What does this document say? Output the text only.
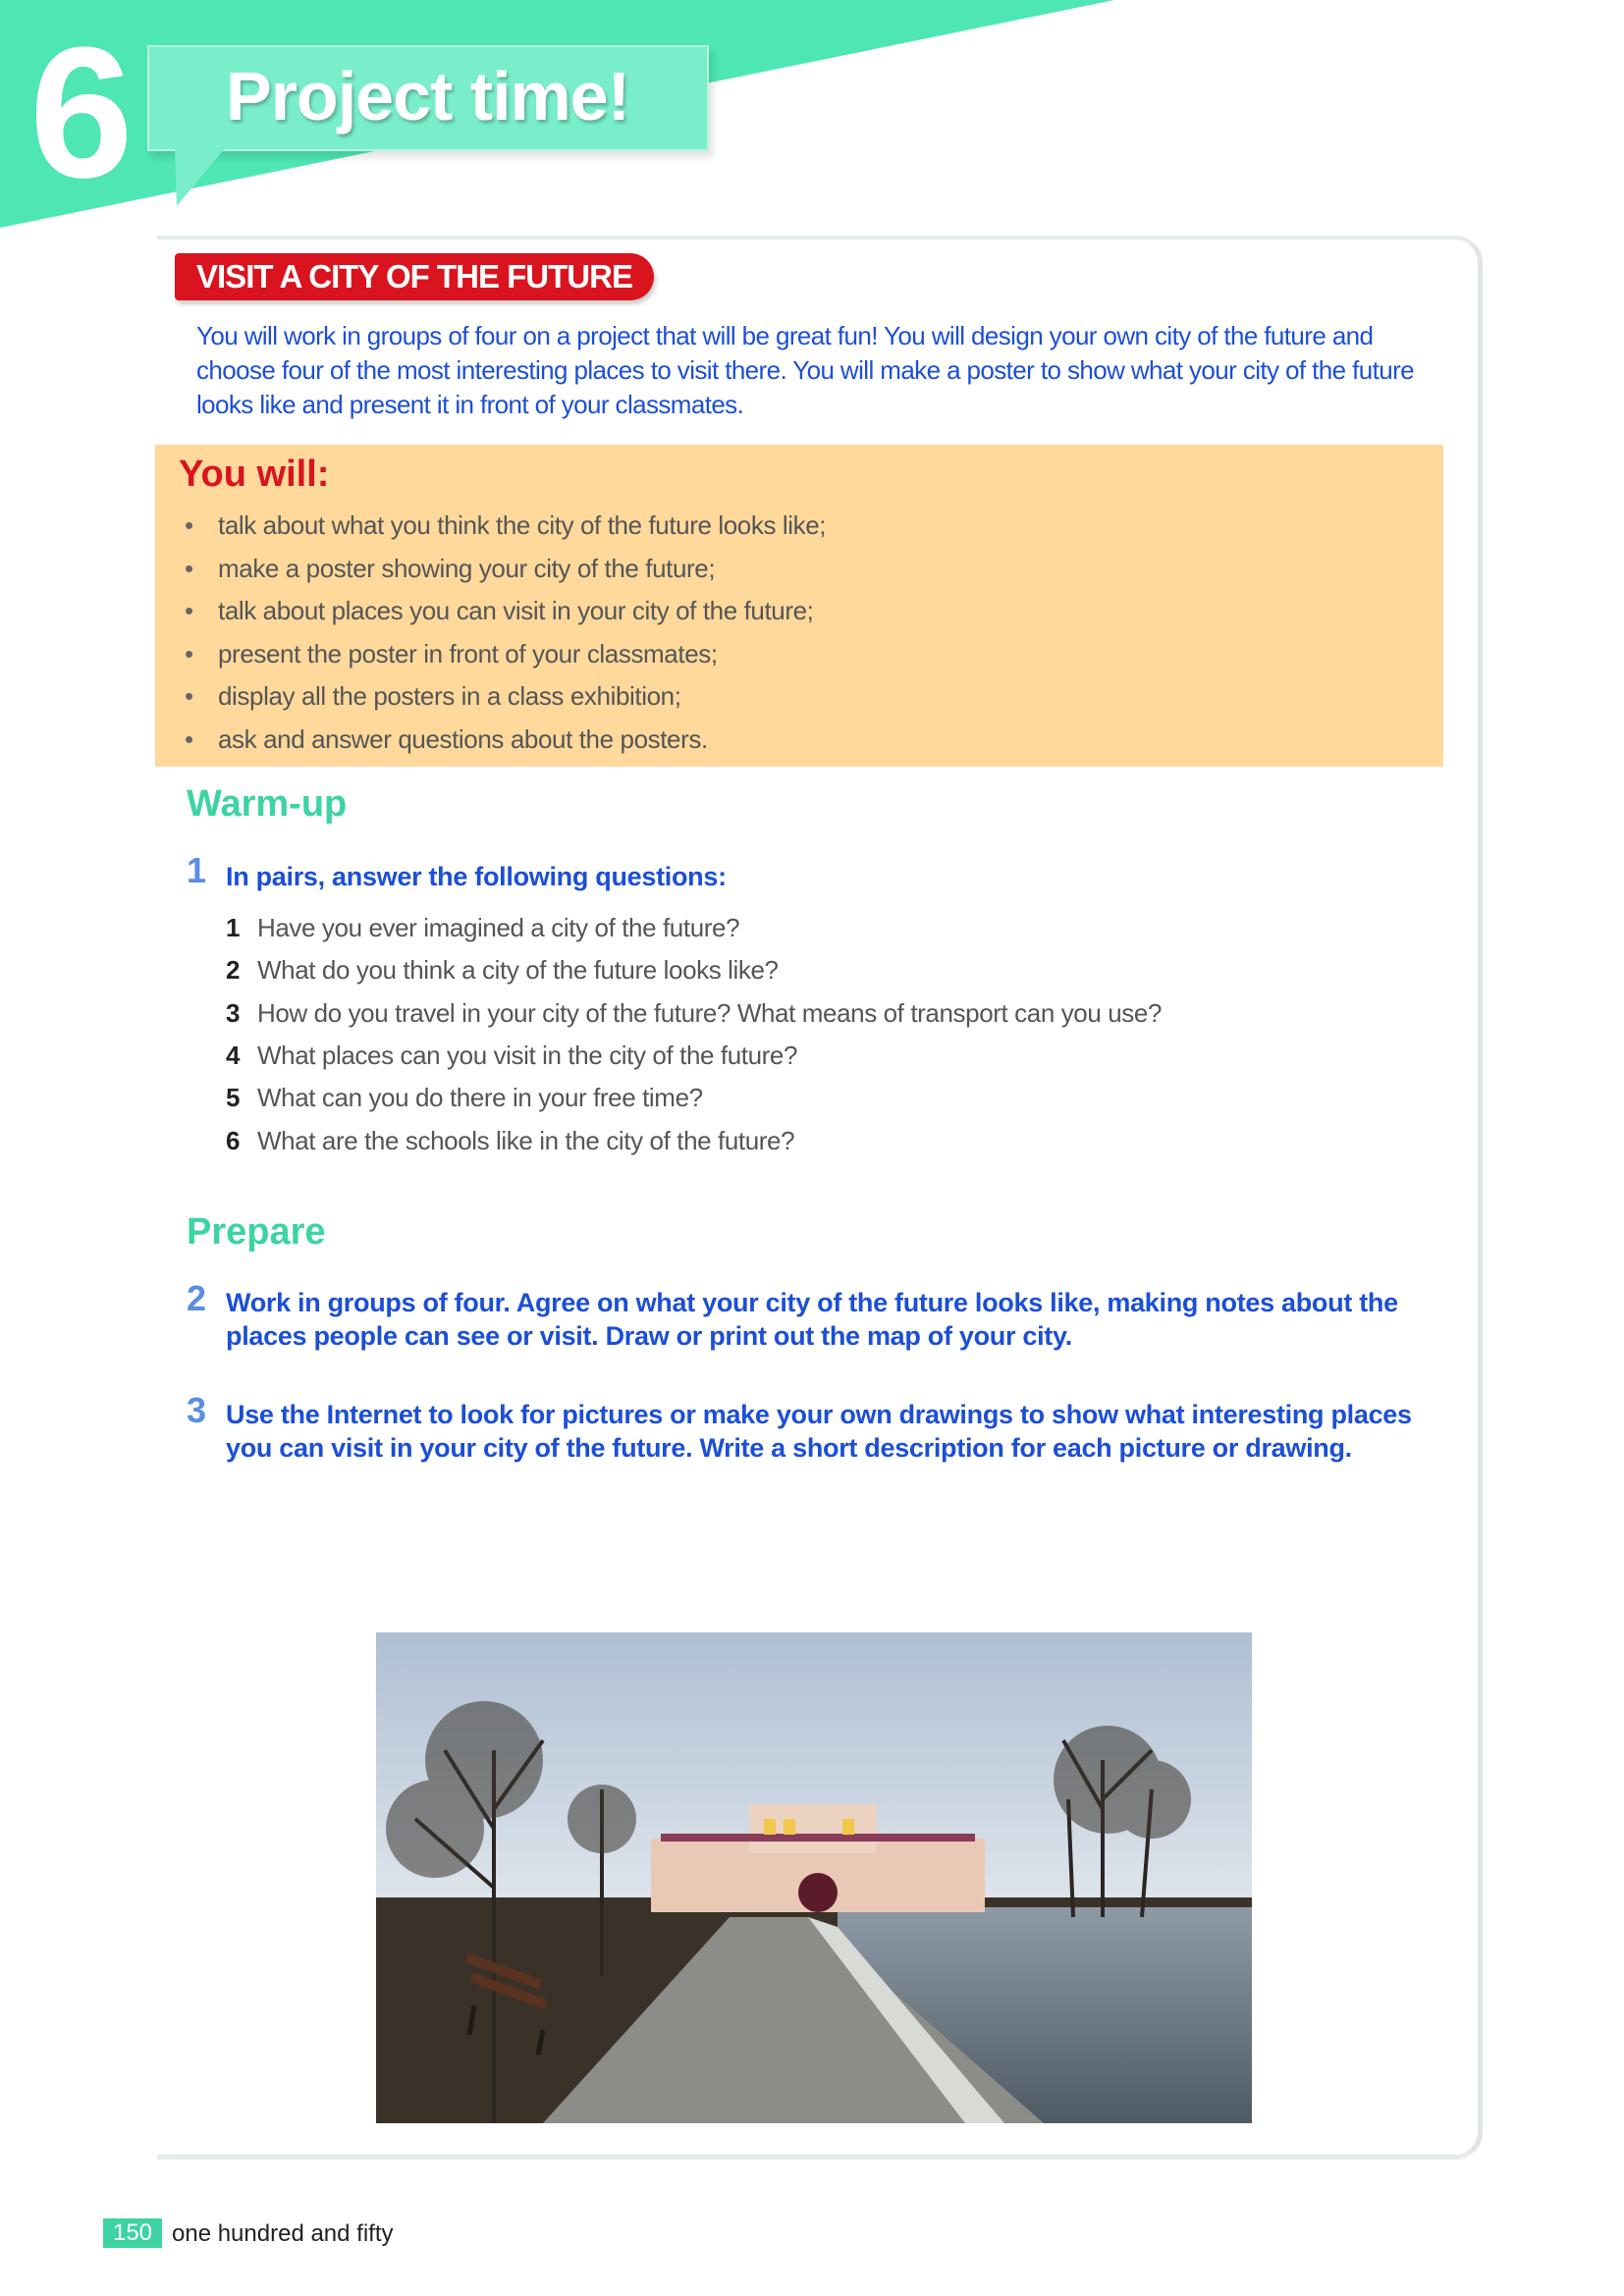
6 Project time!
VISIT A CITY OF THE FUTURE
You will work in groups of four on a project that will be great fun! You will design your own city of the future and choose four of the most interesting places to visit there. You will make a poster to show what your city of the future looks like and present it in front of your classmates.
You will:
• talk about what you think the city of the future looks like;
• make a poster showing your city of the future;
• talk about places you can visit in your city of the future;
• present the poster in front of your classmates;
• display all the posters in a class exhibition;
• ask and answer questions about the posters.
Warm-up
1 In pairs, answer the following questions:
1 Have you ever imagined a city of the future?
2 What do you think a city of the future looks like?
3 How do you travel in your city of the future? What means of transport can you use?
4 What places can you visit in the city of the future?
5 What can you do there in your free time?
6 What are the schools like in the city of the future?
Prepare
2 Work in groups of four. Agree on what your city of the future looks like, making notes about the places people can see or visit. Draw or print out the map of your city.
3 Use the Internet to look for pictures or make your own drawings to show what interesting places you can visit in your city of the future. Write a short description for each picture or drawing.
150 one hundred and fifty
